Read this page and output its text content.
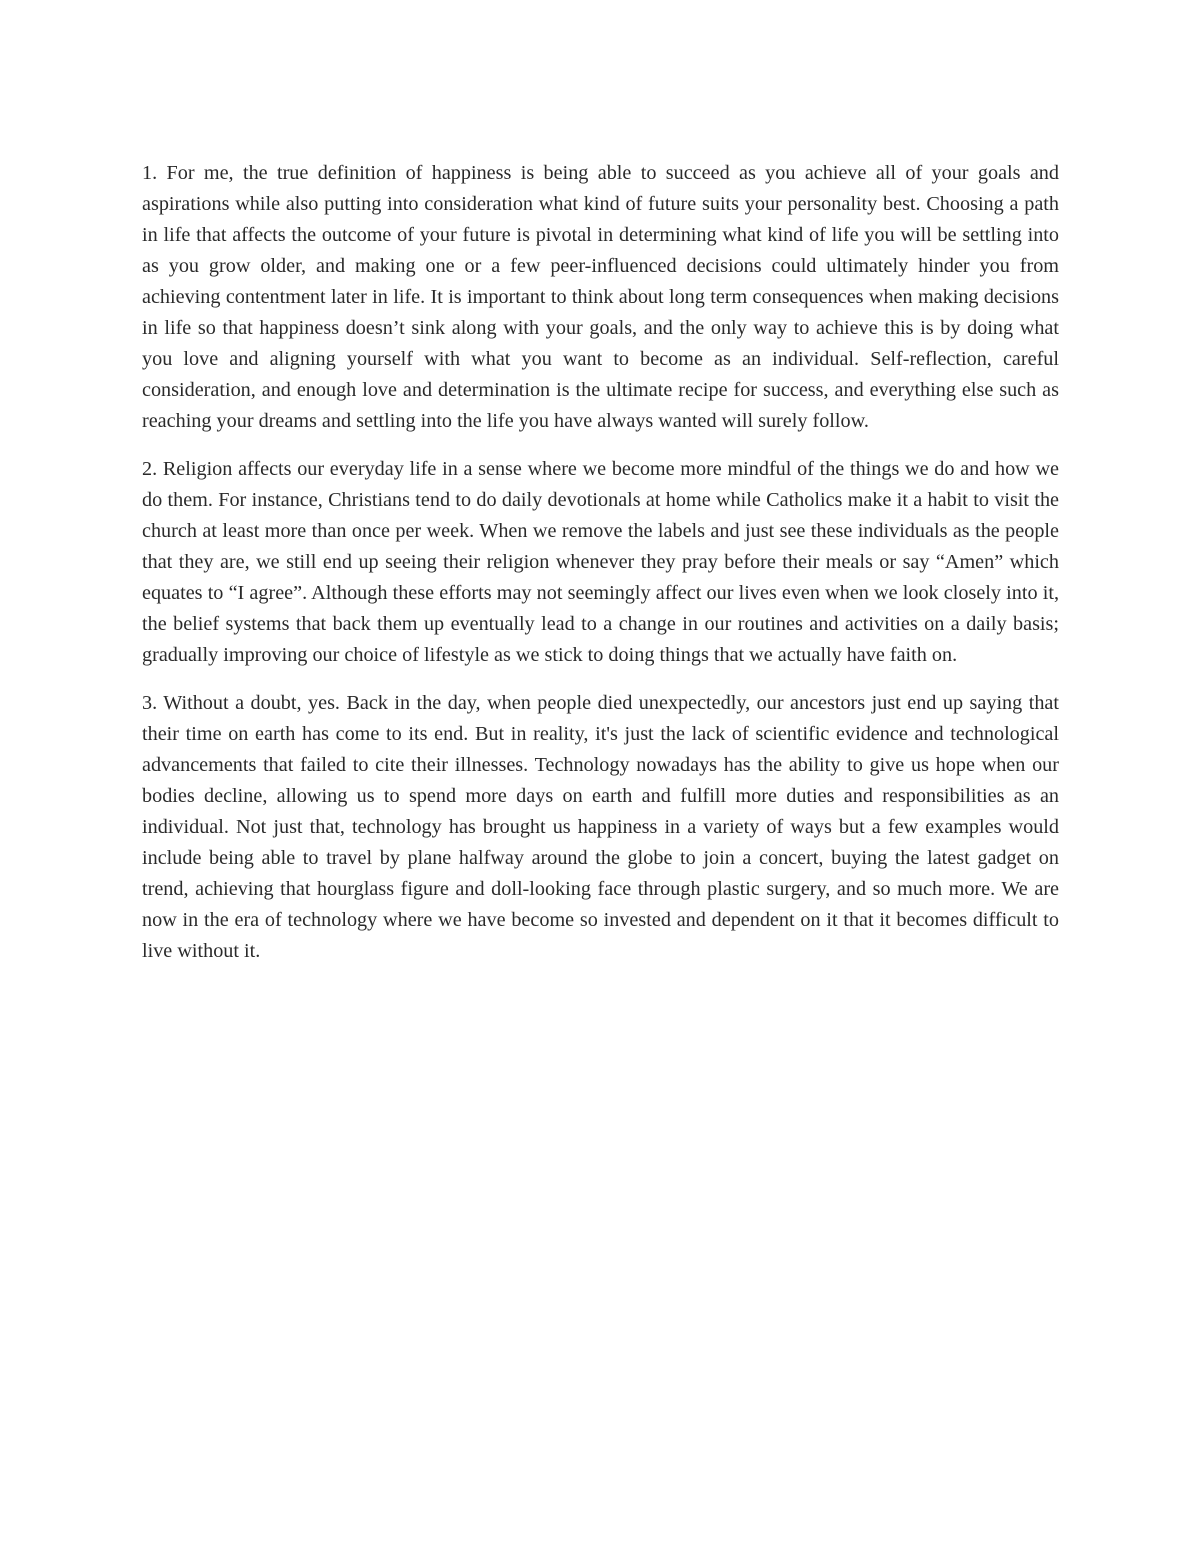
1. For me, the true definition of happiness is being able to succeed as you achieve all of your goals and aspirations while also putting into consideration what kind of future suits your personality best. Choosing a path in life that affects the outcome of your future is pivotal in determining what kind of life you will be settling into as you grow older, and making one or a few peer-influenced decisions could ultimately hinder you from achieving contentment later in life. It is important to think about long term consequences when making decisions in life so that happiness doesn’t sink along with your goals, and the only way to achieve this is by doing what you love and aligning yourself with what you want to become as an individual. Self-reflection, careful consideration, and enough love and determination is the ultimate recipe for success, and everything else such as reaching your dreams and settling into the life you have always wanted will surely follow.

2. Religion affects our everyday life in a sense where we become more mindful of the things we do and how we do them. For instance, Christians tend to do daily devotionals at home while Catholics make it a habit to visit the church at least more than once per week. When we remove the labels and just see these individuals as the people that they are, we still end up seeing their religion whenever they pray before their meals or say “Amen” which equates to “I agree”. Although these efforts may not seemingly affect our lives even when we look closely into it, the belief systems that back them up eventually lead to a change in our routines and activities on a daily basis; gradually improving our choice of lifestyle as we stick to doing things that we actually have faith on.

3. Without a doubt, yes. Back in the day, when people died unexpectedly, our ancestors just end up saying that their time on earth has come to its end. But in reality, it's just the lack of scientific evidence and technological advancements that failed to cite their illnesses. Technology nowadays has the ability to give us hope when our bodies decline, allowing us to spend more days on earth and fulfill more duties and responsibilities as an individual. Not just that, technology has brought us happiness in a variety of ways but a few examples would include being able to travel by plane halfway around the globe to join a concert, buying the latest gadget on trend, achieving that hourglass figure and doll-looking face through plastic surgery, and so much more. We are now in the era of technology where we have become so invested and dependent on it that it becomes difficult to live without it.
